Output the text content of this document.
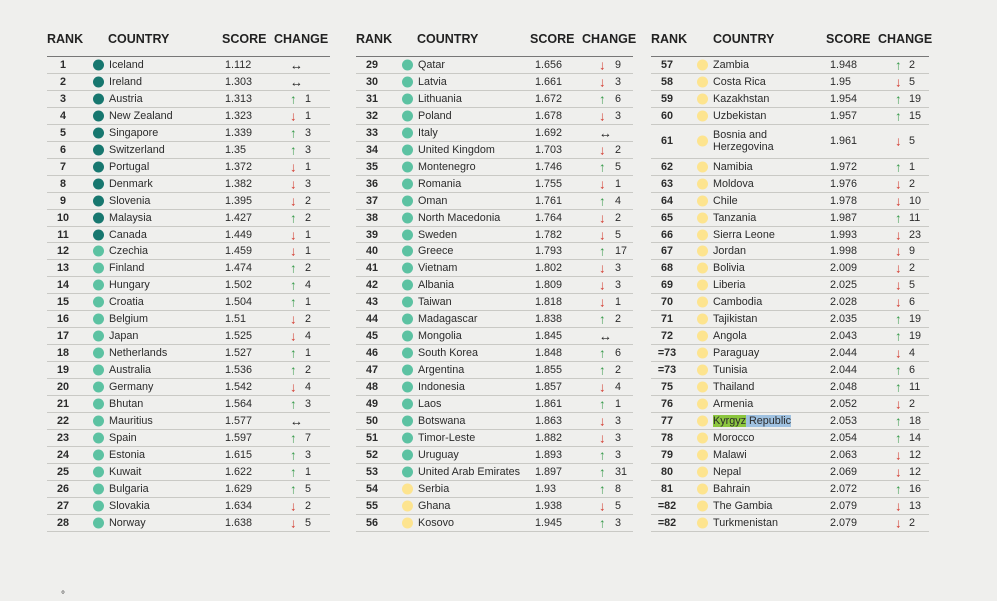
RANK COUNTRY	SCORE CHANGE
1	Iceland	1.112	↔
2	Ireland	1.303	↔
3	Austria	1.313	↑ 1
4	New Zealand	1.323	↓ 1
5	Singapore	1.339	↑ 3
6	Switzerland	1.35	↑ 3
7	Portugal	1.372	↓ 1
8	Denmark	1.382	↓ 3
9	Slovenia	1.395	↓ 2
10	Malaysia	1.427	↑ 2
11	Canada	1.449	↓ 1
12	Czechia	1.459	↓ 1
13	Finland	1.474	↑ 2
14	Hungary	1.502	↑ 4
15	Croatia	1.504	↑ 1
16	Belgium	1.51	↓ 2
17	Japan	1.525	↓ 4
18	Netherlands	1.527	↑ 1
19	Australia	1.536	↑ 2
20	Germany	1.542	↓ 4
21	Bhutan	1.564	↑ 3
22	Mauritius	1.577	↔
23	Spain	1.597	↑ 7
24	Estonia	1.615	↑ 3
25	Kuwait	1.622	↑ 1
26	Bulgaria	1.629	↑ 5
27	Slovakia	1.634	↓ 2
28	Norway	1.638	↓ 5
RANK COUNTRY	SCORE CHANGE
29	Qatar	1.656	↓ 9
30	Latvia	1.661	↓ 3
31	Lithuania	1.672	↑ 6
32	Poland	1.678	↓ 3
33	Italy	1.692	↔
34	United Kingdom	1.703	↓ 2
35	Montenegro	1.746	↑ 5
36	Romania	1.755	↓ 1
37	Oman	1.761	↑ 4
38	North Macedonia	1.764	↓ 2
39	Sweden	1.782	↓ 5
40	Greece	1.793	↑ 17
41	Vietnam	1.802	↓ 3
42	Albania	1.809	↓ 3
43	Taiwan	1.818	↓ 1
44	Madagascar	1.838	↑ 2
45	Mongolia	1.845	↔
46	South Korea	1.848	↑ 6
47	Argentina	1.855	↑ 2
48	Indonesia	1.857	↓ 4
49	Laos	1.861	↑ 1
50	Botswana	1.863	↓ 3
51	Timor-Leste	1.882	↓ 3
52	Uruguay	1.893	↑ 3
53	United Arab Emirates 1.897	↑ 31
54	Serbia	1.93	↑ 8
55	Ghana	1.938	↓ 5
56	Kosovo	1.945	↑ 3
RANK COUNTRY	SCORE CHANGE
57	Zambia	1.948	↑ 2
58	Costa Rica	1.95	↓ 5
59	Kazakhstan	1.954	↑ 19
60	Uzbekistan	1.957	↑ 15
61	Bosnia and Herzegovina	1.961	↓ 5
62	Namibia	1.972	↑ 1
63	Moldova	1.976	↓ 2
64	Chile	1.978	↓ 10
65	Tanzania	1.987	↑ 11
66	Sierra Leone	1.993	↓ 23
67	Jordan	1.998	↓ 9
68	Bolivia	2.009	↓ 2
69	Liberia	2.025	↓ 5
70	Cambodia	2.028	↓ 6
71	Tajikistan	2.035	↑ 19
72	Angola	2.043	↑ 19
=73	Paraguay	2.044	↓ 4
=73	Tunisia	2.044	↑ 6
75	Thailand	2.048	↑ 11
76	Armenia	2.052	↓ 2
77	Kyrgyz Republic	2.053	↑ 18
78	Morocco	2.054	↑ 14
79	Malawi	2.063	↓ 12
80	Nepal	2.069	↓ 12
81	Bahrain	2.072	↑ 16
=82	The Gambia	2.079	↓ 13
=82	Turkmenistan	2.079	↓ 2
°
